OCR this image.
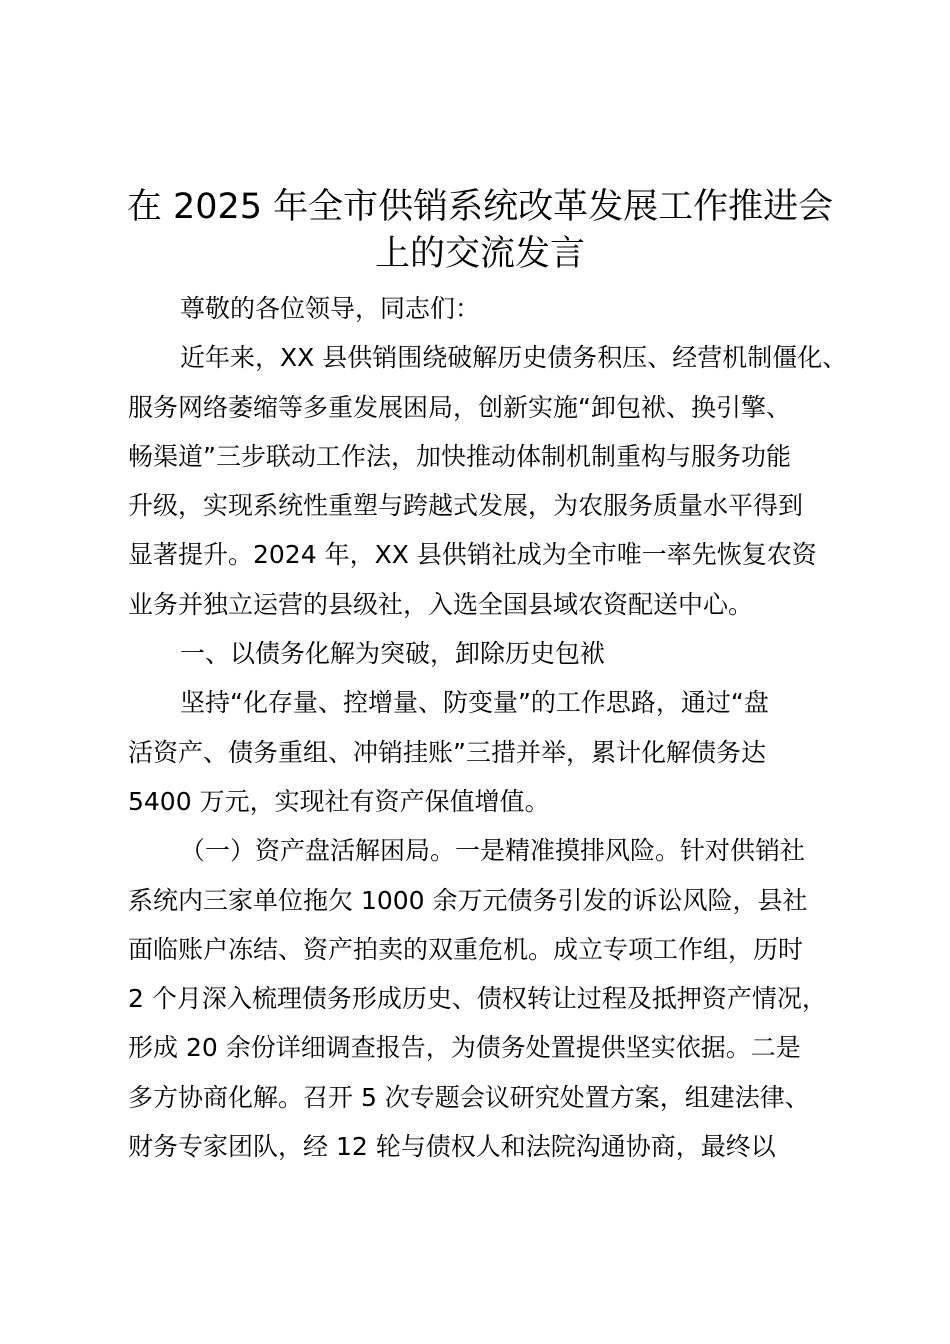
在 2025 年全市供销系统改革发展工作推进会
上的交流发言
尊敬的各位领导，同志们：
近年来，XX 县供销围绕破解历史债务积压、经营机制僵化、
服务网络萎缩等多重发展困局，创新实施“卸包袱、换引擎、
畅渠道”三步联动工作法，加快推动体制机制重构与服务功能
升级，实现系统性重塑与跨越式发展，为农服务质量水平得到
显著提升。2024 年，XX 县供销社成为全市唯一率先恢复农资
业务并独立运营的县级社，入选全国县域农资配送中心。
一、以债务化解为突破，卸除历史包袱
坚持“化存量、控增量、防变量”的工作思路，通过“盘
活资产、债务重组、冲销挂账”三措并举，累计化解债务达
5400 万元，实现社有资产保值增值。
（一）资产盘活解困局。一是精准摸排风险。针对供销社
系统内三家单位拖欠 1000 余万元债务引发的诉讼风险，县社
面临账户冻结、资产拍卖的双重危机。成立专项工作组，历时
2 个月深入梳理债务形成历史、债权转让过程及抵押资产情况，
形成 20 余份详细调查报告，为债务处置提供坚实依据。二是
多方协商化解。召开 5 次专题会议研究处置方案，组建法律、
财务专家团队，经 12 轮与债权人和法院沟通协商，最终以
